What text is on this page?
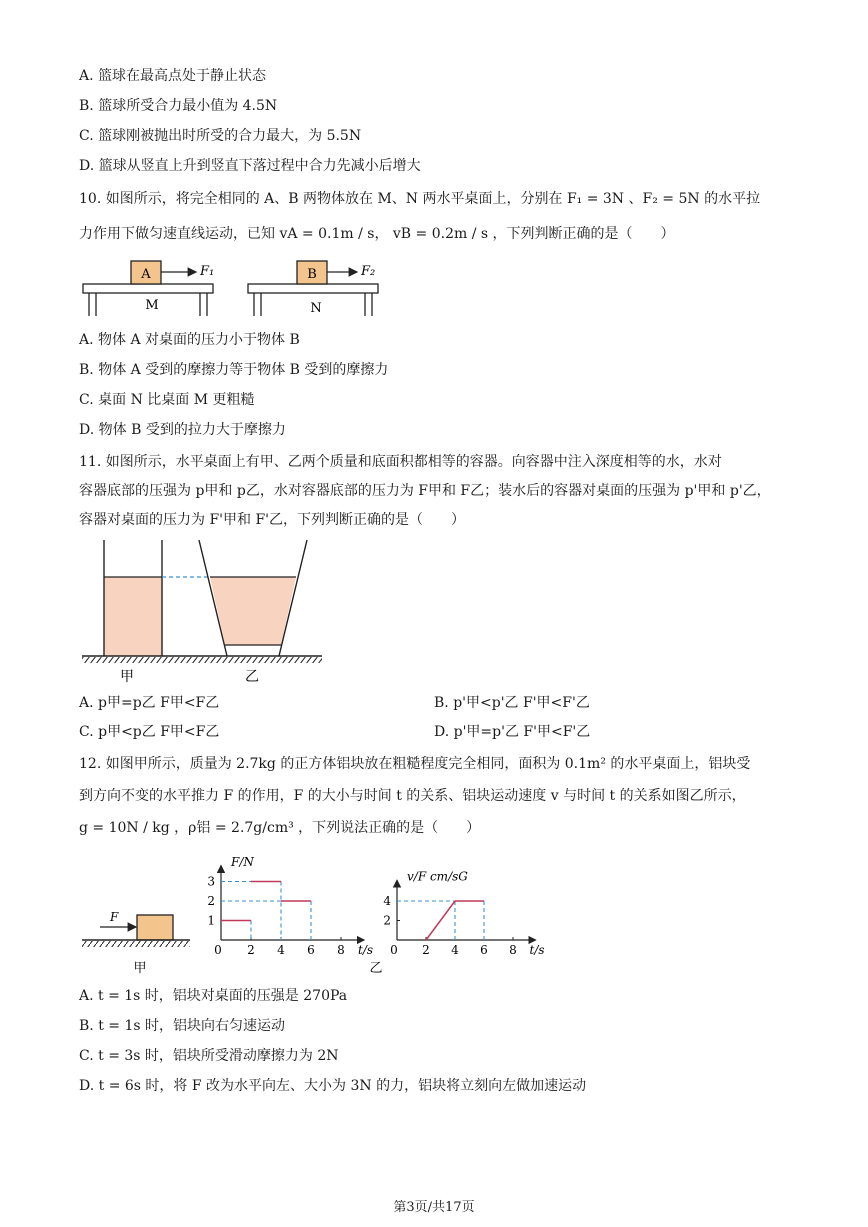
A. 篮球在最高点处于静止状态
B. 篮球所受合力最小值为 4.5N
C. 篮球刚被抛出时所受的合力最大，为 5.5N
D. 篮球从竖直上升到竖直下落过程中合力先减小后增大
10. 如图所示，将完全相同的 A、B 两物体放在 M、N 两水平桌面上，分别在 F₁ = 3N 、F₂ = 5N 的水平拉
力作用下做匀速直线运动，已知 vA = 0.1m / s， vB = 0.2m / s ，下列判断正确的是（　　）
A	F₁
M
B	F₂
N
A. 物体 A 对桌面的压力小于物体 B
B. 物体 A 受到的摩擦力等于物体 B 受到的摩擦力
C. 桌面 N 比桌面 M 更粗糙
D. 物体 B 受到的拉力大于摩擦力
11. 如图所示，水平桌面上有甲、乙两个质量和底面积都相等的容器。向容器中注入深度相等的水，水对
容器底部的压强为 p甲和 p乙，水对容器底部的压力为 F甲和 F乙；装水后的容器对桌面的压强为 p'甲和 p'乙，
容器对桌面的压力为 F'甲和 F'乙，下列判断正确的是（　　）
甲	乙
A. p甲=p乙 F甲<F乙	B. p'甲<p'乙 F'甲<F'乙
C. p甲<p乙 F甲<F乙	D. p'甲=p'乙 F'甲<F'乙
12. 如图甲所示，质量为 2.7kg 的正方体铝块放在粗糙程度完全相同，面积为 0.1m² 的水平桌面上，铝块受
到方向不变的水平推力 F 的作用，F 的大小与时间 t 的关系、铝块运动速度 v 与时间 t 的关系如图乙所示，
g = 10N / kg ，ρ铝 = 2.7g/cm³ ，下列说法正确的是（　　）
F
甲	乙
0 2 4 6 8
1
2
3
F/N
t/s 0 2 4 6 8
2
4
v/F cm/sG
t/s
A. t = 1s 时，铝块对桌面的压强是 270Pa
B. t = 1s 时，铝块向右匀速运动
C. t = 3s 时，铝块所受滑动摩擦力为 2N
D. t = 6s 时，将 F 改为水平向左、大小为 3N 的力，铝块将立刻向左做加速运动
第3页/共17页
